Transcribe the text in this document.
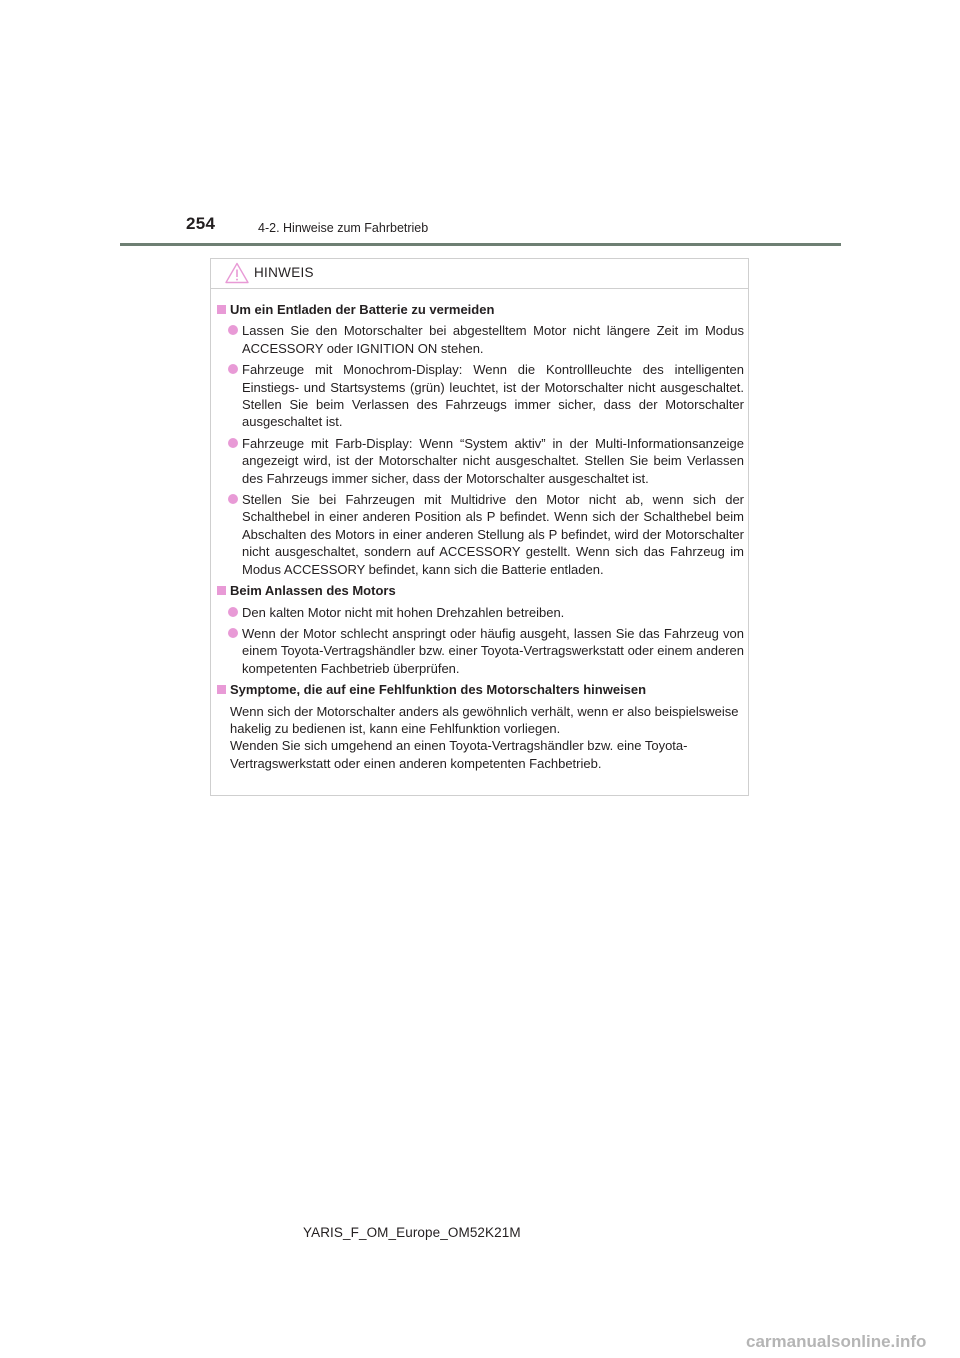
254	4-2. Hinweise zum Fahrbetrieb
HINWEIS
Um ein Entladen der Batterie zu vermeiden
Lassen Sie den Motorschalter bei abgestelltem Motor nicht längere Zeit im Modus ACCESSORY oder IGNITION ON stehen.
Fahrzeuge mit Monochrom-Display: Wenn die Kontrollleuchte des intelligenten Einstiegs- und Startsystems (grün) leuchtet, ist der Motorschalter nicht ausgeschaltet. Stellen Sie beim Verlassen des Fahrzeugs immer sicher, dass der Motorschalter ausgeschaltet ist.
Fahrzeuge mit Farb-Display: Wenn “System aktiv” in der Multi-Informationsanzeige angezeigt wird, ist der Motorschalter nicht ausgeschaltet. Stellen Sie beim Verlassen des Fahrzeugs immer sicher, dass der Motorschalter ausgeschaltet ist.
Stellen Sie bei Fahrzeugen mit Multidrive den Motor nicht ab, wenn sich der Schalthebel in einer anderen Position als P befindet. Wenn sich der Schalthebel beim Abschalten des Motors in einer anderen Stellung als P befindet, wird der Motorschalter nicht ausgeschaltet, sondern auf ACCESSORY gestellt. Wenn sich das Fahrzeug im Modus ACCESSORY befindet, kann sich die Batterie entladen.
Beim Anlassen des Motors
Den kalten Motor nicht mit hohen Drehzahlen betreiben.
Wenn der Motor schlecht anspringt oder häufig ausgeht, lassen Sie das Fahrzeug von einem Toyota-Vertragshändler bzw. einer Toyota-Vertragswerkstatt oder einem anderen kompetenten Fachbetrieb überprüfen.
Symptome, die auf eine Fehlfunktion des Motorschalters hinweisen
Wenn sich der Motorschalter anders als gewöhnlich verhält, wenn er also beispielsweise hakelig zu bedienen ist, kann eine Fehlfunktion vorliegen.
Wenden Sie sich umgehend an einen Toyota-Vertragshändler bzw. eine Toyota-Vertragswerkstatt oder einen anderen kompetenten Fachbetrieb.
YARIS_F_OM_Europe_OM52K21M
carmanualsonline.info
